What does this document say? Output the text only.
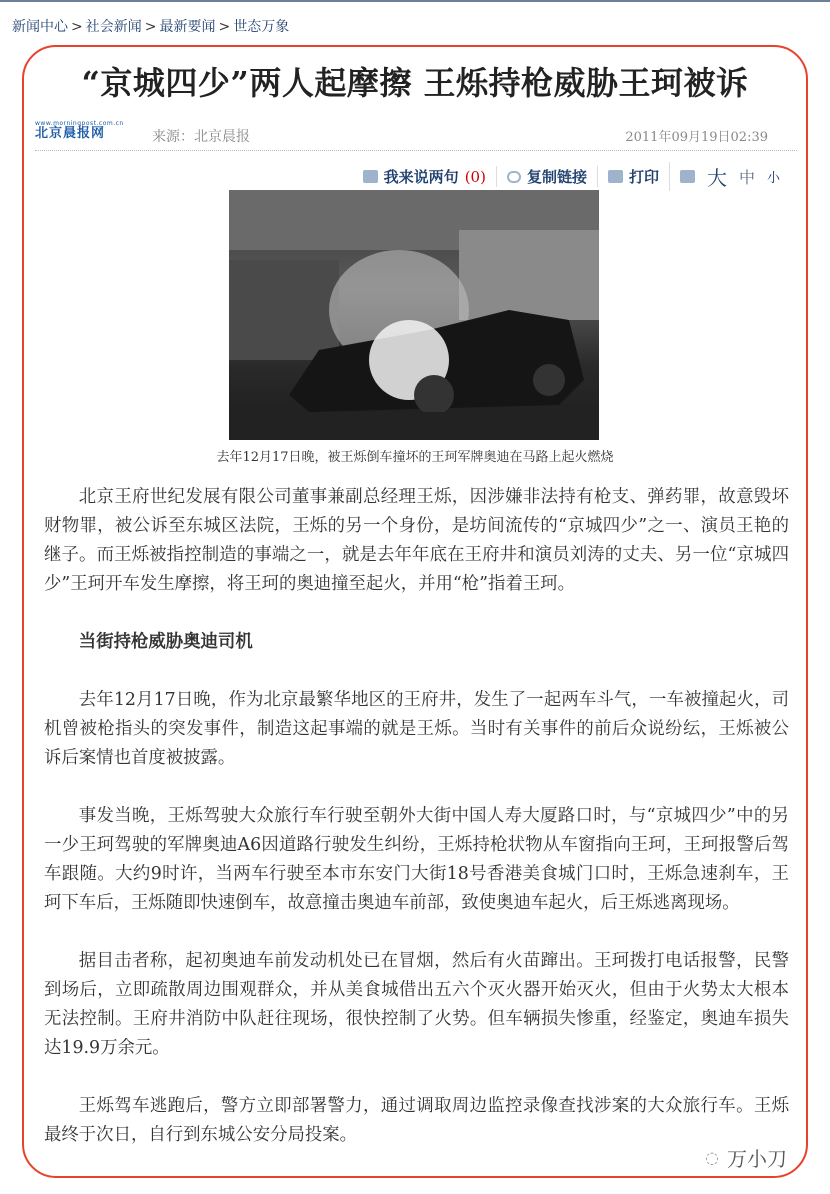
新闻中心 > 社会新闻 > 最新要闻 > 世态万象
“京城四少”两人起摩擦 王烁持枪威胁王珂被诉
www.morningpost.com.cn
北京晨报网	来源：北京晨报	2011年09月19日02:39
我来说两句 (0)	复制链接	打印 大 中 小
去年12月17日晚，被王烁倒车撞坏的王珂军牌奥迪在马路上起火燃烧

北京王府世纪发展有限公司董事兼副总经理王烁，因涉嫌非法持有枪支、弹药罪，故意毁坏财物罪，被公诉至东城区法院，王烁的另一个身份，是坊间流传的“京城四少”之一、演员王艳的继子。而王烁被指控制造的事端之一，就是去年年底在王府井和演员刘涛的丈夫、另一位“京城四少”王珂开车发生摩擦，将王珂的奥迪撞至起火，并用“枪”指着王珂。

当街持枪威胁奥迪司机

去年12月17日晚，作为北京最繁华地区的王府井，发生了一起两车斗气，一车被撞起火，司机曾被枪指头的突发事件，制造这起事端的就是王烁。当时有关事件的前后众说纷纭，王烁被公诉后案情也首度被披露。

事发当晚，王烁驾驶大众旅行车行驶至朝外大街中国人寿大厦路口时，与“京城四少”中的另一少王珂驾驶的军牌奥迪A6因道路行驶发生纠纷，王烁持枪状物从车窗指向王珂，王珂报警后驾车跟随。大约9时许，当两车行驶至本市东安门大街18号香港美食城门口时，王烁急速刹车，王珂下车后，王烁随即快速倒车，故意撞击奥迪车前部，致使奥迪车起火，后王烁逃离现场。

据目击者称，起初奥迪车前发动机处已在冒烟，然后有火苗蹿出。王珂拨打电话报警，民警到场后，立即疏散周边围观群众，并从美食城借出五六个灭火器开始灭火，但由于火势太大根本无法控制。王府井消防中队赶往现场，很快控制了火势。但车辆损失惨重，经鉴定，奥迪车损失达19.9万余元。

王烁驾车逃跑后，警方立即部署警力，通过调取周边监控录像查找涉案的大众旅行车。王烁最终于次日，自行到东城公安分局投案。

◌ 万小刀
